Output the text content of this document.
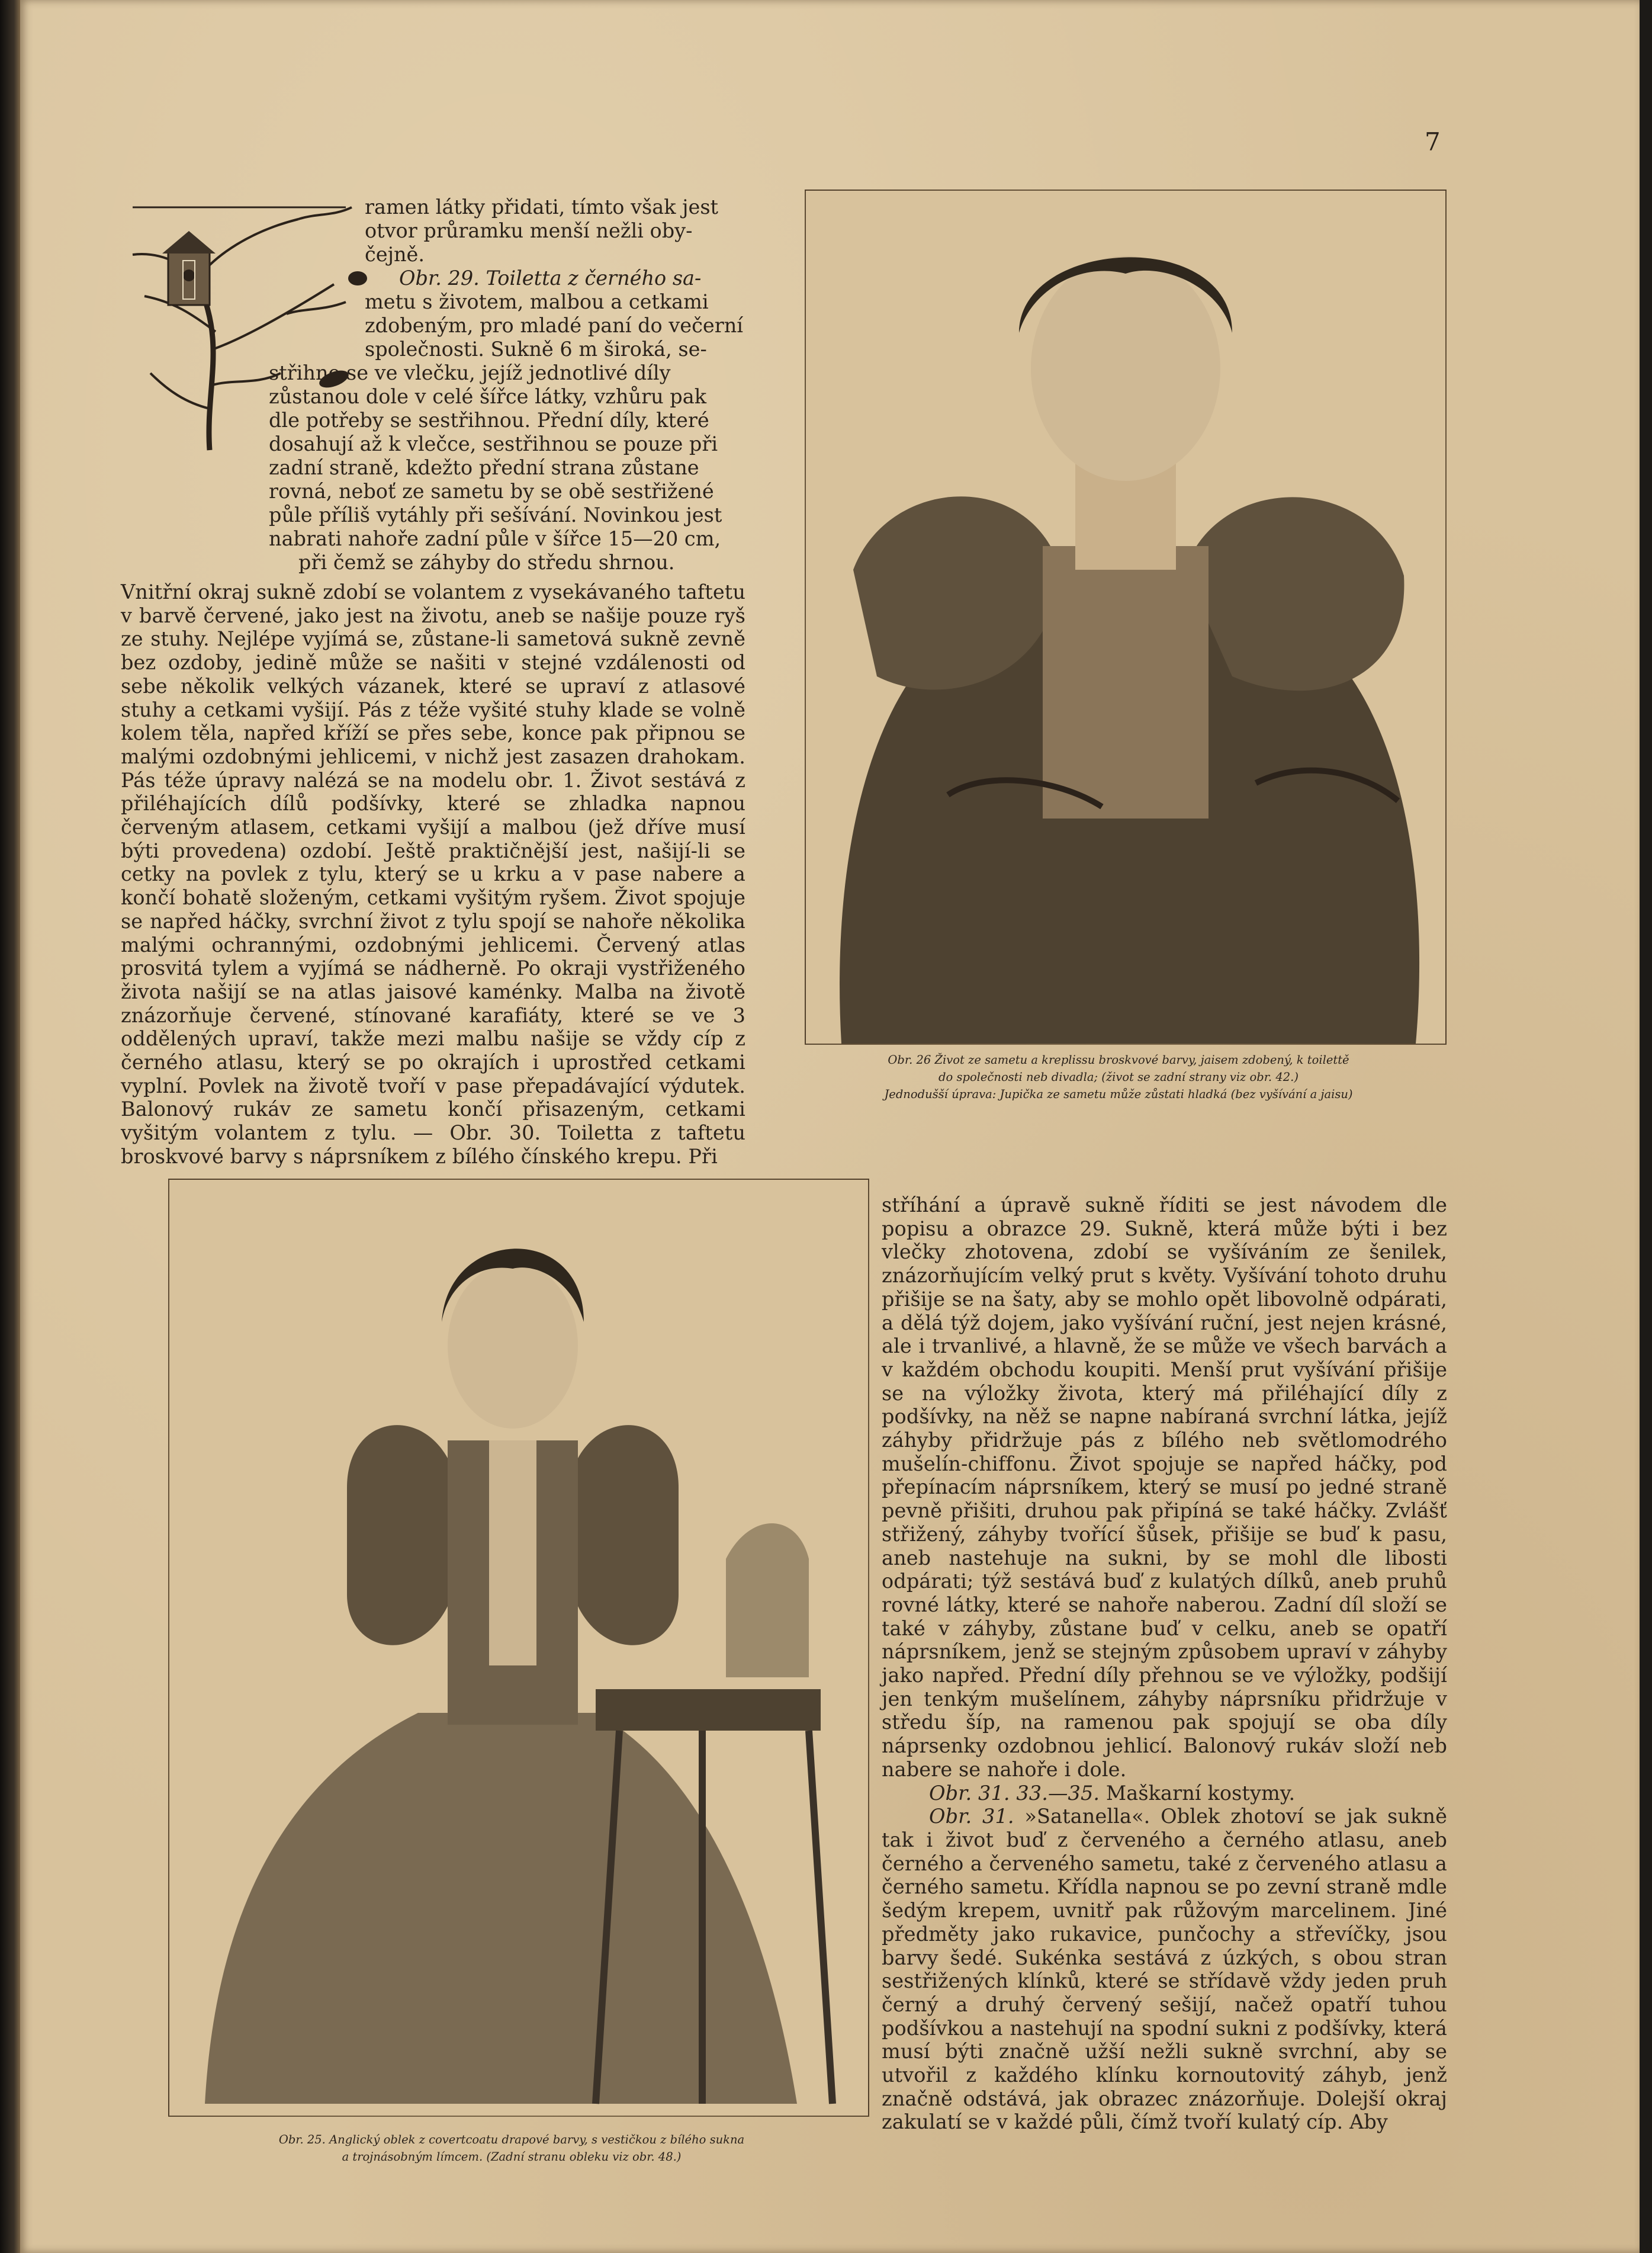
7
ramen látky přidati, tímto však jest
otvor průramku menší nežli oby-
čejně.
Obr. 29. Toiletta z černého sa-
metu s životem, malbou a cetkami
zdobeným, pro mladé paní do večerní
společnosti. Sukně 6 m široká, se-
střihne se ve vlečku, jejíž jednotlivé díly
zůstanou dole v celé šířce látky, vzhůru pak
dle potřeby se sestřihnou. Přední díly, které
dosahují až k vlečce, sestřihnou se pouze při
zadní straně, kdežto přední strana zůstane
rovná, neboť ze sametu by se obě sestřižené
půle příliš vytáhly při sešívání. Novinkou jest
nabrati nahoře zadní půle v šířce 15—20 cm,
při čemž se záhyby do středu shrnou.
Vnitřní okraj sukně zdobí se volantem z vysekávaného taftetu v barvě červené, jako jest na životu, aneb se našije pouze ryš ze stuhy. Nejlépe vyjímá se, zůstane-li sametová sukně zevně bez ozdoby, jedině může se našiti v stejné vzdálenosti od sebe několik velkých vázanek, které se upraví z atlasové stuhy a cetkami vyšijí. Pás z téže vyšité stuhy klade se volně kolem těla, napřed kříží se přes sebe, konce pak připnou se malými ozdobnými jehlicemi, v nichž jest zasazen drahokam. Pás téže úpravy nalézá se na modelu obr. 1. Život sestává z přiléhajících dílů podšívky, které se zhladka napnou červeným atlasem, cetkami vyšijí a malbou (jež dříve musí býti provedena) ozdobí. Ještě praktičnější jest, našijí-li se cetky na povlek z tylu, který se u krku a v pase nabere a končí bohatě složeným, cetkami vyšitým ryšem. Život spojuje se napřed háčky, svrchní život z tylu spojí se nahoře několika malými ochrannými, ozdobnými jehlicemi. Červený atlas prosvitá tylem a vyjímá se nádherně. Po okraji vystřiženého života našijí se na atlas jaisové kaménky. Malba na životě znázorňuje červené, stínované karafiáty, které se ve 3 oddělených upraví, takže mezi malbu našije se vždy cíp z černého atlasu, který se po okrajích i uprostřed cetkami vyplní. Povlek na životě tvoří v pase přepadávající výdutek. Balonový rukáv ze sametu končí přisazeným, cetkami vyšitým volantem z tylu. — Obr. 30. Toiletta z taftetu broskvové barvy s náprsníkem z bílého čínského krepu. Při
Obr. 26 Život ze sametu a kreplissu broskvové barvy, jaisem zdobený, k toilettě
do společnosti neb divadla; (život se zadní strany viz obr. 42.)
Jednodušší úprava: Jupička ze sametu může zůstati hladká (bez vyšívání a jaisu)
Obr. 25. Anglický oblek z covertcoatu drapové barvy, s vestičkou z bílého sukna
a trojnásobným límcem. (Zadní stranu obleku viz obr. 48.)

stříhání a úpravě sukně říditi se jest návodem dle popisu a obrazce 29. Sukně, která může býti i bez vlečky zhotovena, zdobí se vyšíváním ze šenilek, znázorňujícím velký prut s květy. Vyšívání tohoto druhu přišije se na šaty, aby se mohlo opět libovolně odpárati, a dělá týž dojem, jako vyšívání ruční, jest nejen krásné, ale i trvanlivé, a hlavně, že se může ve všech barvách a v každém obchodu koupiti. Menší prut vyšívání přišije se na výložky života, který má přiléhající díly z podšívky, na něž se napne nabíraná svrchní látka, jejíž záhyby přidržuje pás z bílého neb světlomodrého mušelín-chiffonu. Život spojuje se napřed háčky, pod přepínacím náprsníkem, který se musí po jedné straně pevně přišiti, druhou pak připíná se také háčky. Zvlášť střižený, záhyby tvořící šůsek, přišije se buď k pasu, aneb nastehuje na sukni, by se mohl dle libosti odpárati; týž sestává buď z kulatých dílků, aneb pruhů rovné látky, které se nahoře naberou. Zadní díl složí se také v záhyby, zůstane buď v celku, aneb se opatří náprsníkem, jenž se stejným způsobem upraví v záhyby jako napřed. Přední díly přehnou se ve výložky, podšijí jen tenkým mušelínem, záhyby náprsníku přidržuje v středu šíp, na ramenou pak spojují se oba díly náprsenky ozdobnou jehlicí. Balonový rukáv složí neb nabere se nahoře i dole.

Obr. 31. 33.—35. Maškarní kostymy.

Obr. 31. »Satanella«. Oblek zhotoví se jak sukně tak i život buď z červeného a černého atlasu, aneb černého a červeného sametu, také z červeného atlasu a černého sametu. Křídla napnou se po zevní straně mdle šedým krepem, uvnitř pak růžovým marcelinem. Jiné předměty jako rukavice, punčochy a střevíčky, jsou barvy šedé. Sukénka sestává z úzkých, s obou stran sestřižených klínků, které se střídavě vždy jeden pruh černý a druhý červený sešijí, načež opatří tuhou podšívkou a nastehují na spodní sukni z podšívky, která musí býti značně užší nežli sukně svrchní, aby se utvořil z každého klínku kornoutovitý záhyb, jenž značně odstává, jak obrazec znázorňuje. Dolejší okraj zakulatí se v každé půli, čímž tvoří kulatý cíp. Aby
